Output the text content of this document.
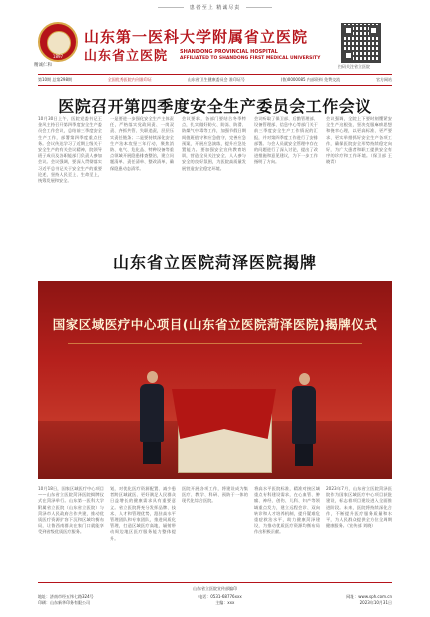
患者至上 精诚尽责
1897
精诚仁和
山东第一医科大学附属省立医院
山东省立医院 SHANDONG PROVINCIAL HOSPITAL
AFFILIATED TO SHANDONG FIRST MEDICAL UNIVERSITY
扫码关注省立医院
第10期 总第298期	全国优秀医院内刊准印证	山东省卫生健康委员会 准印证号	(鲁)0000085 内部资料 免费交流	官方网站
医院召开第四季度安全生产委员会工作会议
10月30日上午，医院党委书记王金风主持召开第四季度安全生产委员会工作会议，总结前三季度安全生产工作，部署第四季度重点任务。会议传达学习了近期上级关于安全生产的有关会议精神，院领导班子成员及各职能部门负责人参加会议。会议强调，要深入贯彻落实习近平总书记关于安全生产的重要论述，坚持人民至上、生命至上，统筹发展和安全。
一是要进一步强化安全生产主体责任，严格落实党政同责、一岗双责、齐抓共管、失职追责，层层压实责任链条；二是要持续深化安全生产治本攻坚三年行动，聚焦消防、电气、危化品、特种设备等重点领域开展隐患排查整治，建立问题清单、责任清单、整改清单，确保隐患动态清零。
会议要求，各部门要结合冬季特点，扎实做好防火、防冻、防滑、防煤气中毒等工作，加强节假日期间值班值守和应急值守，完善应急预案，开展应急演练，提升应急处置能力。要加强安全宣传教育培训，营造全员关注安全、人人参与安全的良好氛围，为医院高质量发展营造安全稳定环境。
会议听取了保卫部、后勤管理部、设备管理部、信息中心等部门关于前三季度安全生产工作情况的汇报，并对第四季度工作进行了安排部署。与会人员就安全管理中存在的问题进行了深入讨论，提出了改进措施和意见建议，为下一步工作指明了方向。
会议强调，全院上下要时刻绷紧安全生产这根弦，坚决克服麻痹思想和侥幸心理，以更高标准、更严要求、更实举措抓好安全生产各项工作，确保医院安全形势持续稳定向好，为广大患者和职工提供安全有序的诊疗和工作环境。（保卫部 王晓青）
山东省立医院菏泽医院揭牌
国家区域医疗中心项目(山东省立医院菏泽医院)揭牌仪式
10月18日，国家区域医疗中心项目——山东省立医院菏泽医院揭牌仪式在菏泽举行。山东第一医科大学附属省立医院（山东省立医院）与菏泽市人民政府合作共建，推动优质医疗资源扩容下沉和区域均衡布局，让鲁西南群众在家门口就能享受到省级优质医疗服务。
划，对优化医疗资源配置、减少患者跨区域就医、更好满足人民群众日益增长的健康需求具有重要意义。省立医院将充分发挥品牌、技术、人才和管理优势，派驻高水平管理团队和专家团队，推进同质化管理，打造区域医疗高地，辐射带动周边地区医疗服务能力整体提升。
医院开展各项工作，将建设成为集医疗、教学、科研、预防于一体的现代化综合医院。
将高水平医院标准，精准对接区域重点专科建设需求，在心血管、肿瘤、神经、创伤、儿科、妇产等领域重点发力，建立远程会诊、双向转诊和人才培养机制，提升疑难危重症救治水平，助力健康菏泽建设，为推动优质医疗资源均衡布局作出积极贡献。
2023年7月，山东省立医院菏泽医院作为国家区域医疗中心项目获批建设，标志着项目建设进入全面推进阶段。未来，医院将持续深化合作，不断提升医疗服务质量和水平，为人民群众提供全方位全周期健康服务。（宣传部 刘晓）
山东省立医院宣传部编印
地址：济南市经五纬七路324号	电话：0531-68776xxx	网址：www.sph.com.cn
印刷：山东新华印务有限公司	主编：xxx	2023年10月31日
